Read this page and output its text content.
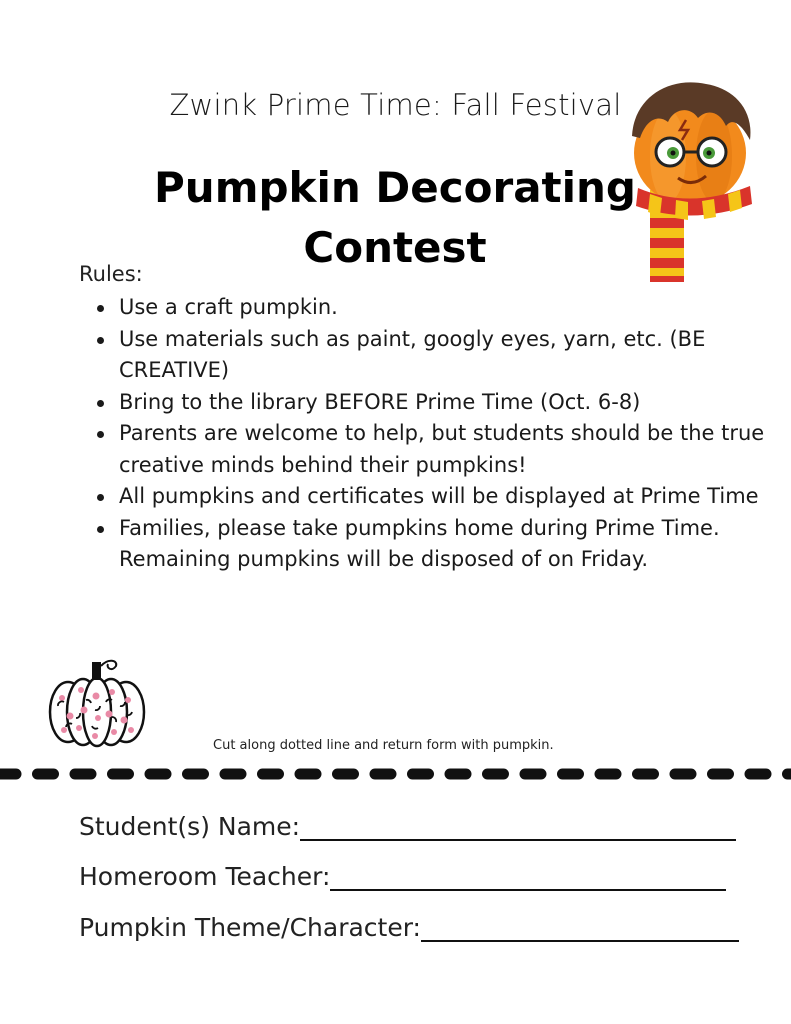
Zwink Prime Time: Fall Festival
Pumpkin Decorating
Contest
Rules:
Use a craft pumpkin.
Use materials such as paint, googly eyes, yarn, etc. (BE CREATIVE)
Bring to the library BEFORE Prime Time (Oct. 6-8)
Parents are welcome to help, but students should be the true creative minds behind their pumpkins!
All pumpkins and certificates will be displayed at Prime Time
Families, please take pumpkins home during Prime Time. Remaining pumpkins will be disposed of on Friday.
Cut along dotted line and return form with pumpkin.
Student(s) Name:
Homeroom Teacher:
Pumpkin Theme/Character:
